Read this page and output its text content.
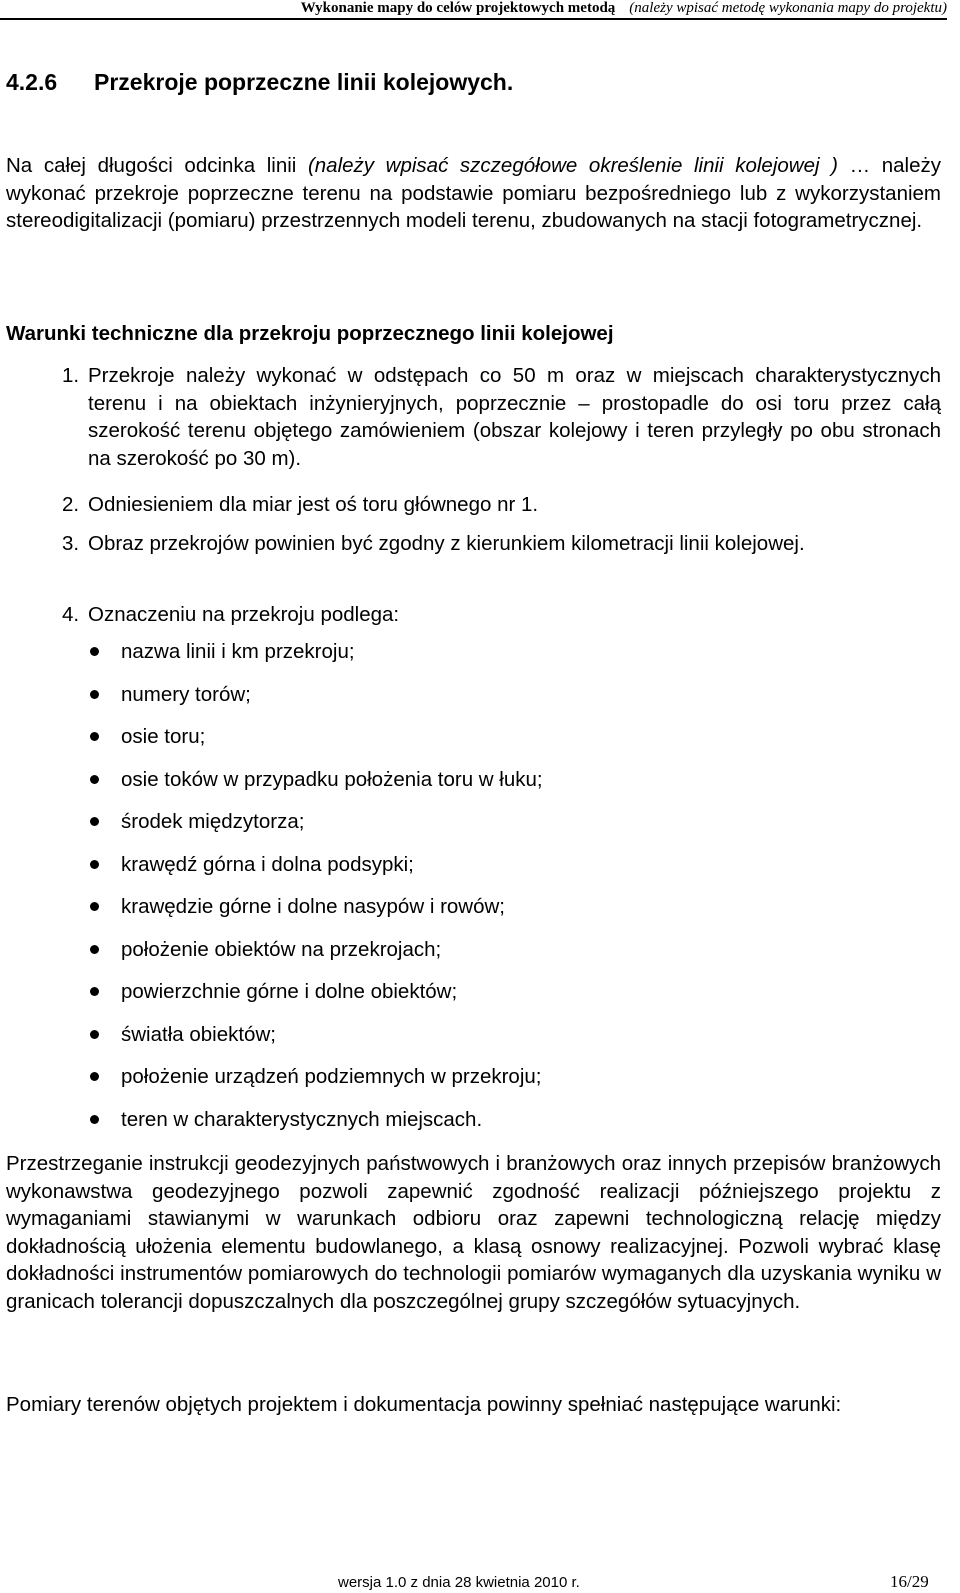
Wykonanie mapy do celów projektowych metodą (należy wpisać metodę wykonania mapy do projektu)
4.2.6 Przekroje poprzeczne linii kolejowych.
Na całej długości odcinka linii (należy wpisać szczegółowe określenie linii kolejowej ) … należy wykonać przekroje poprzeczne terenu na podstawie pomiaru bezpośredniego lub z wykorzystaniem stereodigitalizacji (pomiaru) przestrzennych modeli terenu, zbudowanych na stacji fotogrametrycznej.
Warunki techniczne dla przekroju poprzecznego linii kolejowej
1. Przekroje należy wykonać w odstępach co 50 m oraz w miejscach charakterystycznych terenu i na obiektach inżynieryjnych, poprzecznie – prostopadle do osi toru przez całą szerokość terenu objętego zamówieniem (obszar kolejowy i teren przyległy po obu stronach na szerokość po 30 m).
2. Odniesieniem dla miar jest oś toru głównego nr 1.
3. Obraz przekrojów powinien być zgodny z kierunkiem kilometracji linii kolejowej.
4. Oznaczeniu na przekroju podlega:
nazwa linii i km przekroju;
numery torów;
osie toru;
osie toków w przypadku położenia toru w łuku;
środek międzytorza;
krawędź górna i dolna podsypki;
krawędzie górne i dolne nasypów i rowów;
położenie obiektów na przekrojach;
powierzchnie górne i dolne obiektów;
światła obiektów;
położenie urządzeń podziemnych w przekroju;
teren w charakterystycznych miejscach.
Przestrzeganie instrukcji geodezyjnych państwowych i branżowych oraz innych przepisów branżowych wykonawstwa geodezyjnego pozwoli zapewnić zgodność realizacji późniejszego projektu z wymaganiami stawianymi w warunkach odbioru oraz zapewni technologiczną relację między dokładnością ułożenia elementu budowlanego, a klasą osnowy realizacyjnej. Pozwoli wybrać klasę dokładności instrumentów pomiarowych do technologii pomiarów wymaganych dla uzyskania wyniku w granicach tolerancji dopuszczalnych dla poszczególnej grupy szczegółów sytuacyjnych.
Pomiary terenów objętych projektem i dokumentacja powinny spełniać następujące warunki:
wersja 1.0 z dnia 28 kwietnia 2010 r.	16/29
